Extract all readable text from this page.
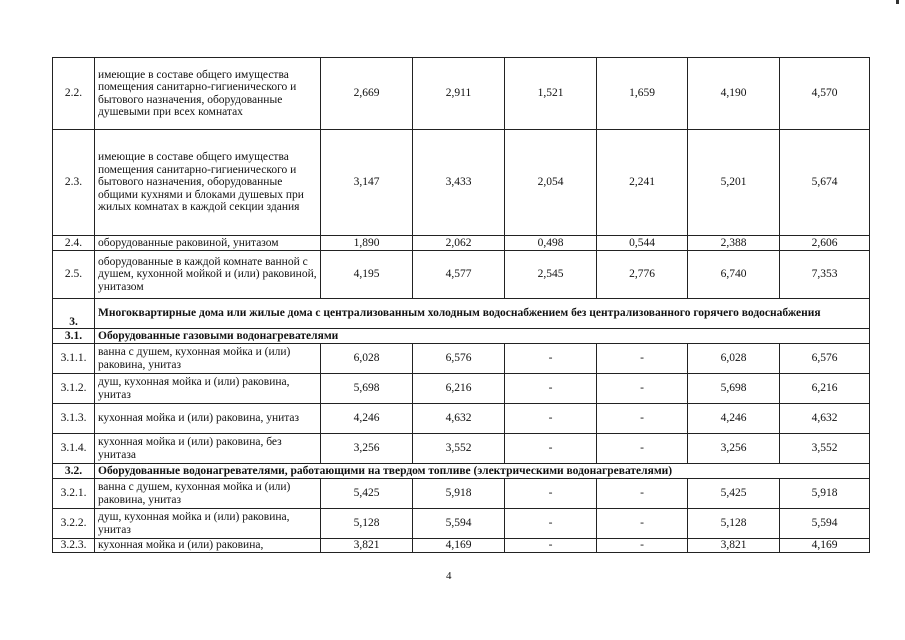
2.2.	имеющие в составе общего имущества помещения санитарно-гигиенического и бытового назначения, оборудованные душевыми при всех комнатах	2,669	2,911	1,521	1,659	4,190	4,570
2.3.	имеющие в составе общего имущества помещения санитарно-гигиенического и бытового назначения, оборудованные общими кухнями и блоками душевых при жилых комнатах в каждой секции здания	3,147	3,433	2,054	2,241	5,201	5,674
2.4.	оборудованные раковиной, унитазом	1,890	2,062	0,498	0,544	2,388	2,606
2.5.	оборудованные в каждой комнате ванной с душем, кухонной мойкой и (или) раковиной, унитазом	4,195	4,577	2,545	2,776	6,740	7,353
3.	Многоквартирные дома или жилые дома с централизованным холодным водоснабжением без централизованного горячего водоснабжения						
3.1.	Оборудованные газовыми водонагревателями						
3.1.1.	ванна с душем, кухонная мойка и (или) раковина, унитаз	6,028	6,576	-	-	6,028	6,576
3.1.2.	душ, кухонная мойка и (или) раковина, унитаз	5,698	6,216	-	-	5,698	6,216
3.1.3.	кухонная мойка и (или) раковина, унитаз	4,246	4,632	-	-	4,246	4,632
3.1.4.	кухонная мойка и (или) раковина, без унитаза	3,256	3,552	-	-	3,256	3,552
3.2.	Оборудованные водонагревателями, работающими на твердом топливе (электрическими водонагревателями)						
3.2.1.	ванна с душем, кухонная мойка и (или) раковина, унитаз	5,425	5,918	-	-	5,425	5,918
3.2.2.	душ, кухонная мойка и (или) раковина, унитаз	5,128	5,594	-	-	5,128	5,594
3.2.3.	кухонная мойка и (или) раковина,	3,821	4,169	-	-	3,821	4,169
4
